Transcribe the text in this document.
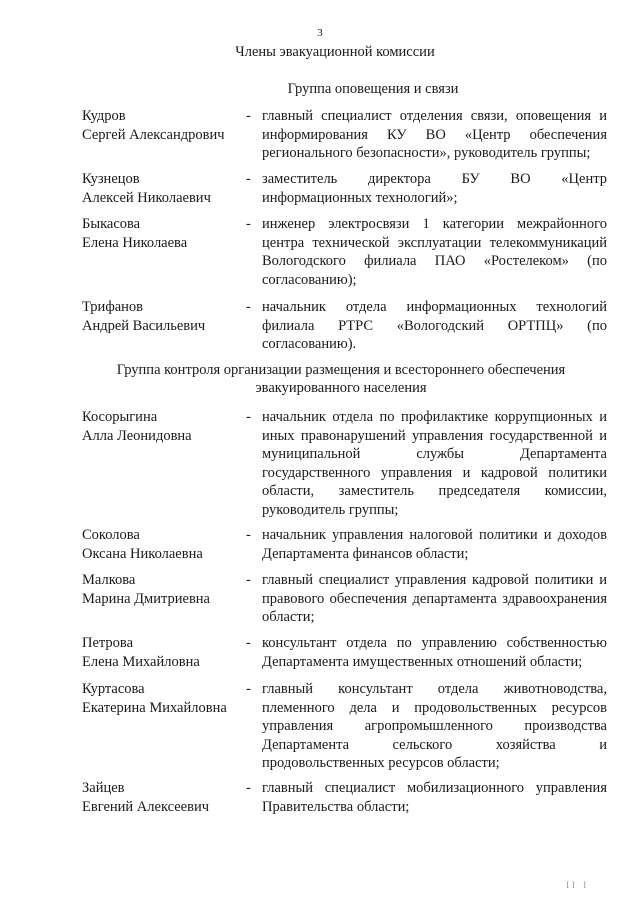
3
Члены эвакуационной комиссии
Группа оповещения и связи
Кудров
Сергей Александрович
- главный специалист отделения связи, оповещения и информирования КУ ВО «Центр обеспечения регионального безопасности», руководитель группы;
Кузнецов
Алексей Николаевич
- заместитель директора БУ ВО «Центр информационных технологий»;
Быкасова
Елена Николаева
- инженер электросвязи 1 категории межрайонного центра технической эксплуатации телекоммуникаций Вологодского филиала ПАО «Ростелеком» (по согласованию);
Трифанов
Андрей Васильевич
- начальник отдела информационных технологий филиала РТРС «Вологодский ОРТПЦ» (по согласованию).
Группа контроля организации размещения и всестороннего обеспечения эвакуированного населения
Косорыгина
Алла Леонидовна
- начальник отдела по профилактике коррупционных и иных правонарушений управления государственной и муниципальной службы Департамента государственного управления и кадровой политики области, заместитель председателя комиссии, руководитель группы;
Соколова
Оксана Николаевна
- начальник управления налоговой политики и доходов Департамента финансов области;
Малкова
Марина Дмитриевна
- главный специалист управления кадровой политики и правового обеспечения департамента здравоохранения области;
Петрова
Елена Михайловна
- консультант отдела по управлению собственностью Департамента имущественных отношений области;
Куртасова
Екатерина Михайловна
- главный консультант отдела животноводства, племенного дела и продовольственных ресурсов управления агропромышленного производства Департамента сельского хозяйства и продовольственных ресурсов области;
Зайцев
Евгений Алексеевич
- главный специалист мобилизационного управления Правительства области;
II I
